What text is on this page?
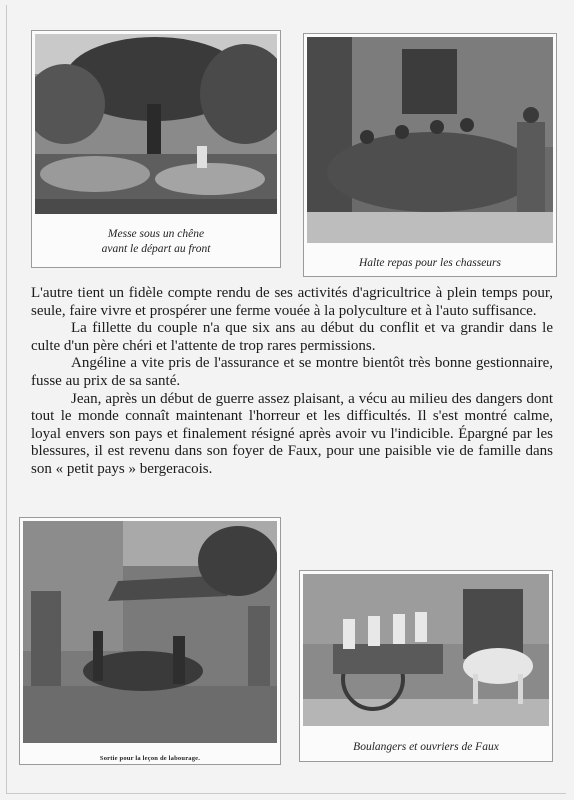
Messe sous un chêne
avant le départ au front
Halte repas pour les chasseurs

L'autre tient un fidèle compte rendu de ses activités d'agricultrice à plein temps pour, seule, faire vivre et prospérer une ferme vouée à la polyculture et à l'auto suffisance.

La fillette du couple n'a que six ans au début du conflit et va grandir dans le culte d'un père chéri et l'attente de trop rares permissions.

Angéline a vite pris de l'assurance et se montre bientôt très bonne gestionnaire, fusse au prix de sa santé.

Jean, après un début de guerre assez plaisant, a vécu au milieu des dangers dont tout le monde connaît maintenant l'horreur et les difficultés. Il s'est montré calme, loyal envers son pays et finalement résigné après avoir vu l'indicible. Épargné par les blessures, il est revenu dans son foyer de Faux, pour une paisible vie de famille dans son « petit pays » bergeracois.

Sortie pour la leçon de labourage.
Boulangers et ouvriers de Faux
